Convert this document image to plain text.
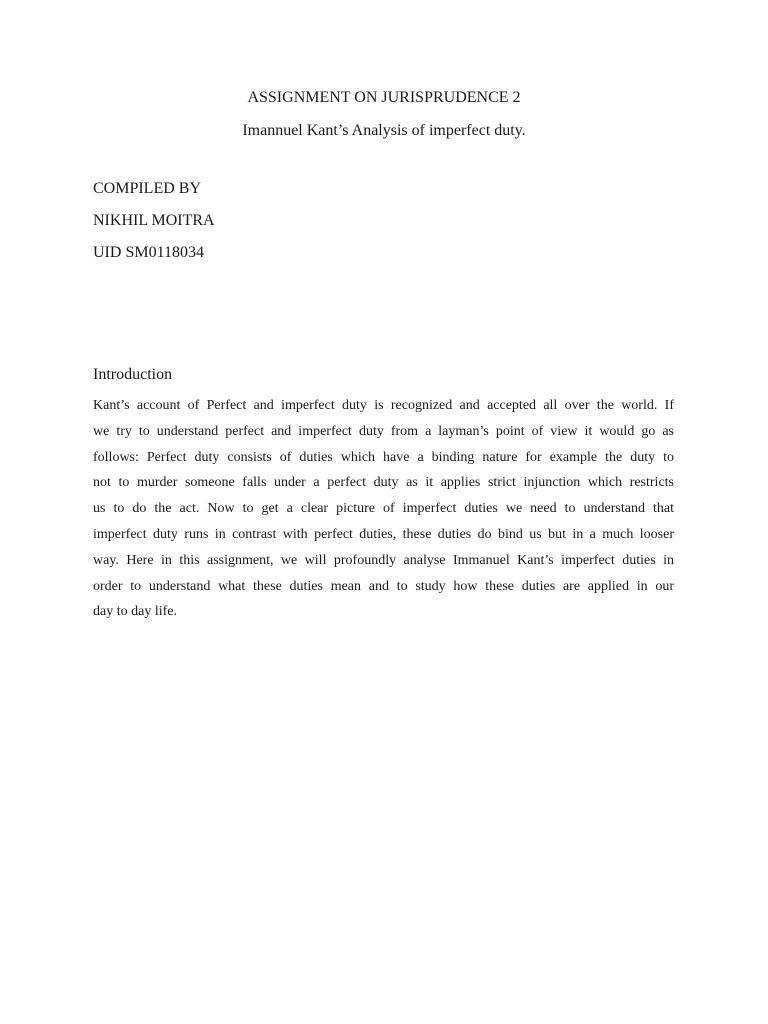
ASSIGNMENT ON JURISPRUDENCE 2
Imannuel Kant’s Analysis of imperfect duty.
COMPILED BY
NIKHIL MOITRA
UID SM0118034
Introduction
Kant’s account of Perfect and imperfect duty is recognized and accepted all over the world. If
we try to understand perfect and imperfect duty from a layman’s point of view it would go as
follows: Perfect duty consists of duties which have a binding nature for example the duty to
not to murder someone falls under a perfect duty as it applies strict injunction which restricts
us to do the act. Now to get a clear picture of imperfect duties we need to understand that
imperfect duty runs in contrast with perfect duties, these duties do bind us but in a much looser
way. Here in this assignment, we will profoundly analyse Immanuel Kant’s imperfect duties in
order to understand what these duties mean and to study how these duties are applied in our
day to day life.
